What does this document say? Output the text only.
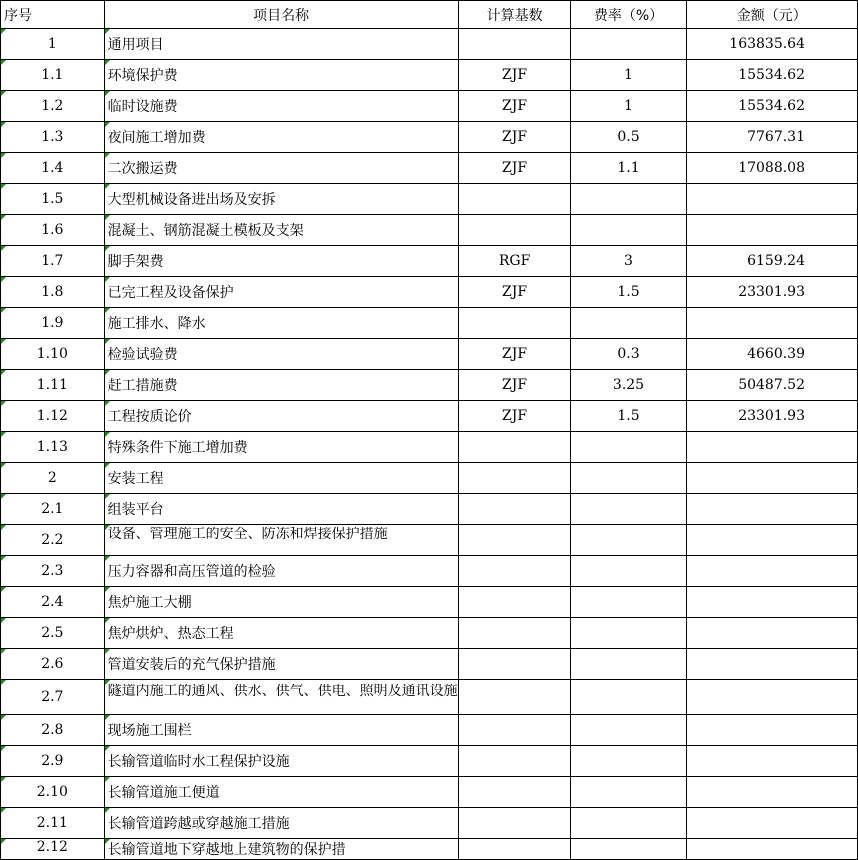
序号	项目名称	计算基数	费率（%）	金额（元）

1	通用项目			163835.64

1.1	环境保护费	ZJF	1	15534.62

1.2	临时设施费	ZJF	1	15534.62

1.3	夜间施工增加费	ZJF	0.5	7767.31

1.4	二次搬运费	ZJF	1.1	17088.08

1.5	大型机械设备进出场及安拆			

1.6	混凝土、钢筋混凝土模板及支架			

1.7	脚手架费	RGF	3	6159.24

1.8	已完工程及设备保护	ZJF	1.5	23301.93

1.9	施工排水、降水			

1.10	检验试验费	ZJF	0.3	4660.39

1.11	赶工措施费	ZJF	3.25	50487.52

1.12	工程按质论价	ZJF	1.5	23301.93

1.13	特殊条件下施工增加费			

2	安装工程			

2.1	组装平台			

2.2	设备、管理施工的安全、防冻和焊接保护措施			

2.3	压力容器和高压管道的检验			

2.4	焦炉施工大棚			

2.5	焦炉烘炉、热态工程			

2.6	管道安装后的充气保护措施			

2.7	隧道内施工的通风、供水、供气、供电、照明及通讯设施			

2.8	现场施工围栏			

2.9	长输管道临时水工程保护设施			

2.10	长输管道施工便道			

2.11	长输管道跨越或穿越施工措施			

2.12	长输管道地下穿越地上建筑物的保护措			
